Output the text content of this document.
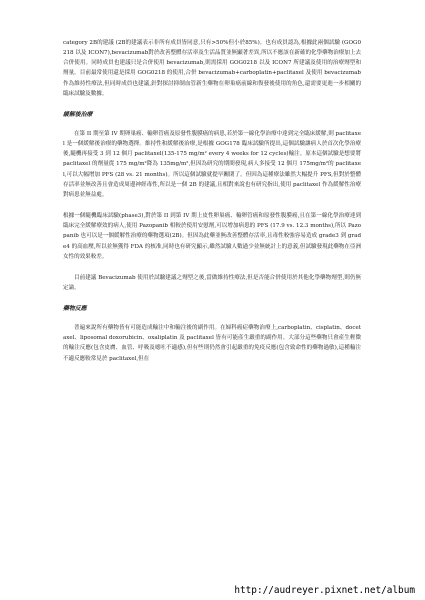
category 2B的建議 (2B的建議表示非所有成員皆同意,只有>50%但小於85%)。也有成員認為,根據此兩個試驗 (GOG0218 以及 ICON7),bevacizumab對於改善整體存活率及生活品質並無顯著差異,所以不應該在新確的化學藥物治療加上去合併使用。同時成員也建議只是合併使用 bevacizumab,則需採用 GOG0218 以及 ICON7 所建議及使用的治療劑型和劑量。目前最常使用還是採用 GOG0218 的使用,合併 bevacizumab+carboplatin+paclitaxel 及使用 bevacizumab 作為維持性療法,但同時成員也建議,針對探討抑制血管新生藥物在卵巢癌前線和復發後使用的角色,還需要更進一步相關的臨床試驗及數據。

緩解後治療

在第 II 期至第 IV 期卵巢癌、輸卵管癌及原發性腹膜癌的病患,若於第一線化學治療中達到完全臨床緩解,則 paclitaxel 是一個緩解後治療的藥物選擇。維持性和緩解後治療,是根據 GOG178 臨床試驗所提出,這個試驗讓病人於首次化學治療後,隨機再接受 3 到 12 個月 paclitaxel(135-175 mg/m² every 4 weeks for 12 cycles)輸注。原本這個試驗是想要將 paclitaxel 的劑量從 175 mg/m²降為 135mg/m²,但因為研究的期間發現,病人多接受 12 個月 175mg/m²的 paclitaxel,可以大幅增加 PFS (28 vs. 21 months)。所以這個試驗就提早關閉了。但因為這種療法雖然大幅提升 PFS,但對於整體存活率並無改善且會造成周邊神經毒性,所以是一個 2B 的建議,且相對來說也有研究指出,使用 paclitaxel 作為緩解性治療對病患並無益處。

根據一個隨機臨床試驗(phase3),對於第 II 到第 IV 期上皮性卵巢癌、輸卵管癌和原發性腹膜癌,且在第一線化學治療達到臨床完全緩解療效的病人,使用 Pazopanib 相較於使用安慰劑,可以增加病患的 PFS (17.9 vs. 12.3 months),所以 Pazopanib 也可以是一個緩解性治療的藥物選項(2B)。但因為此藥並無改善整體存活率,且毒性較強容易造成 grade3 到 grade4 的高血壓,所以並無獲得 FDA 的核准,同時也有研究顯示,雖然試驗人數過少並無統計上的意義,但試驗發現此藥物在亞洲女性的效果較差。

目前建議 Bevacizumab 使用於試驗建議之劑型之後,當做維持性療法,但是否能合併使用於其他化學藥物劑型,則仍無定論。

藥物反應

普遍來說所有藥物皆有可能造成輸注中和輸注後的副作用。在婦科癌症藥物治療上,carboplatin、cisplatin、docetaxel、liposomal doxorubicin、oxaliplatin 及 paclitaxel 皆有可能產生嚴重的副作用。大部分這些藥物只會產生輕微的輸注反應(包含皮膚、血管、呼吸及噁吐不適感),但有些則仍然會引起嚴重的免疫反應(包含致命性的藥物過敏),這種輸注不適反應較常見於 paclitaxel,但在

http://audreyer.pixnet.net/album
